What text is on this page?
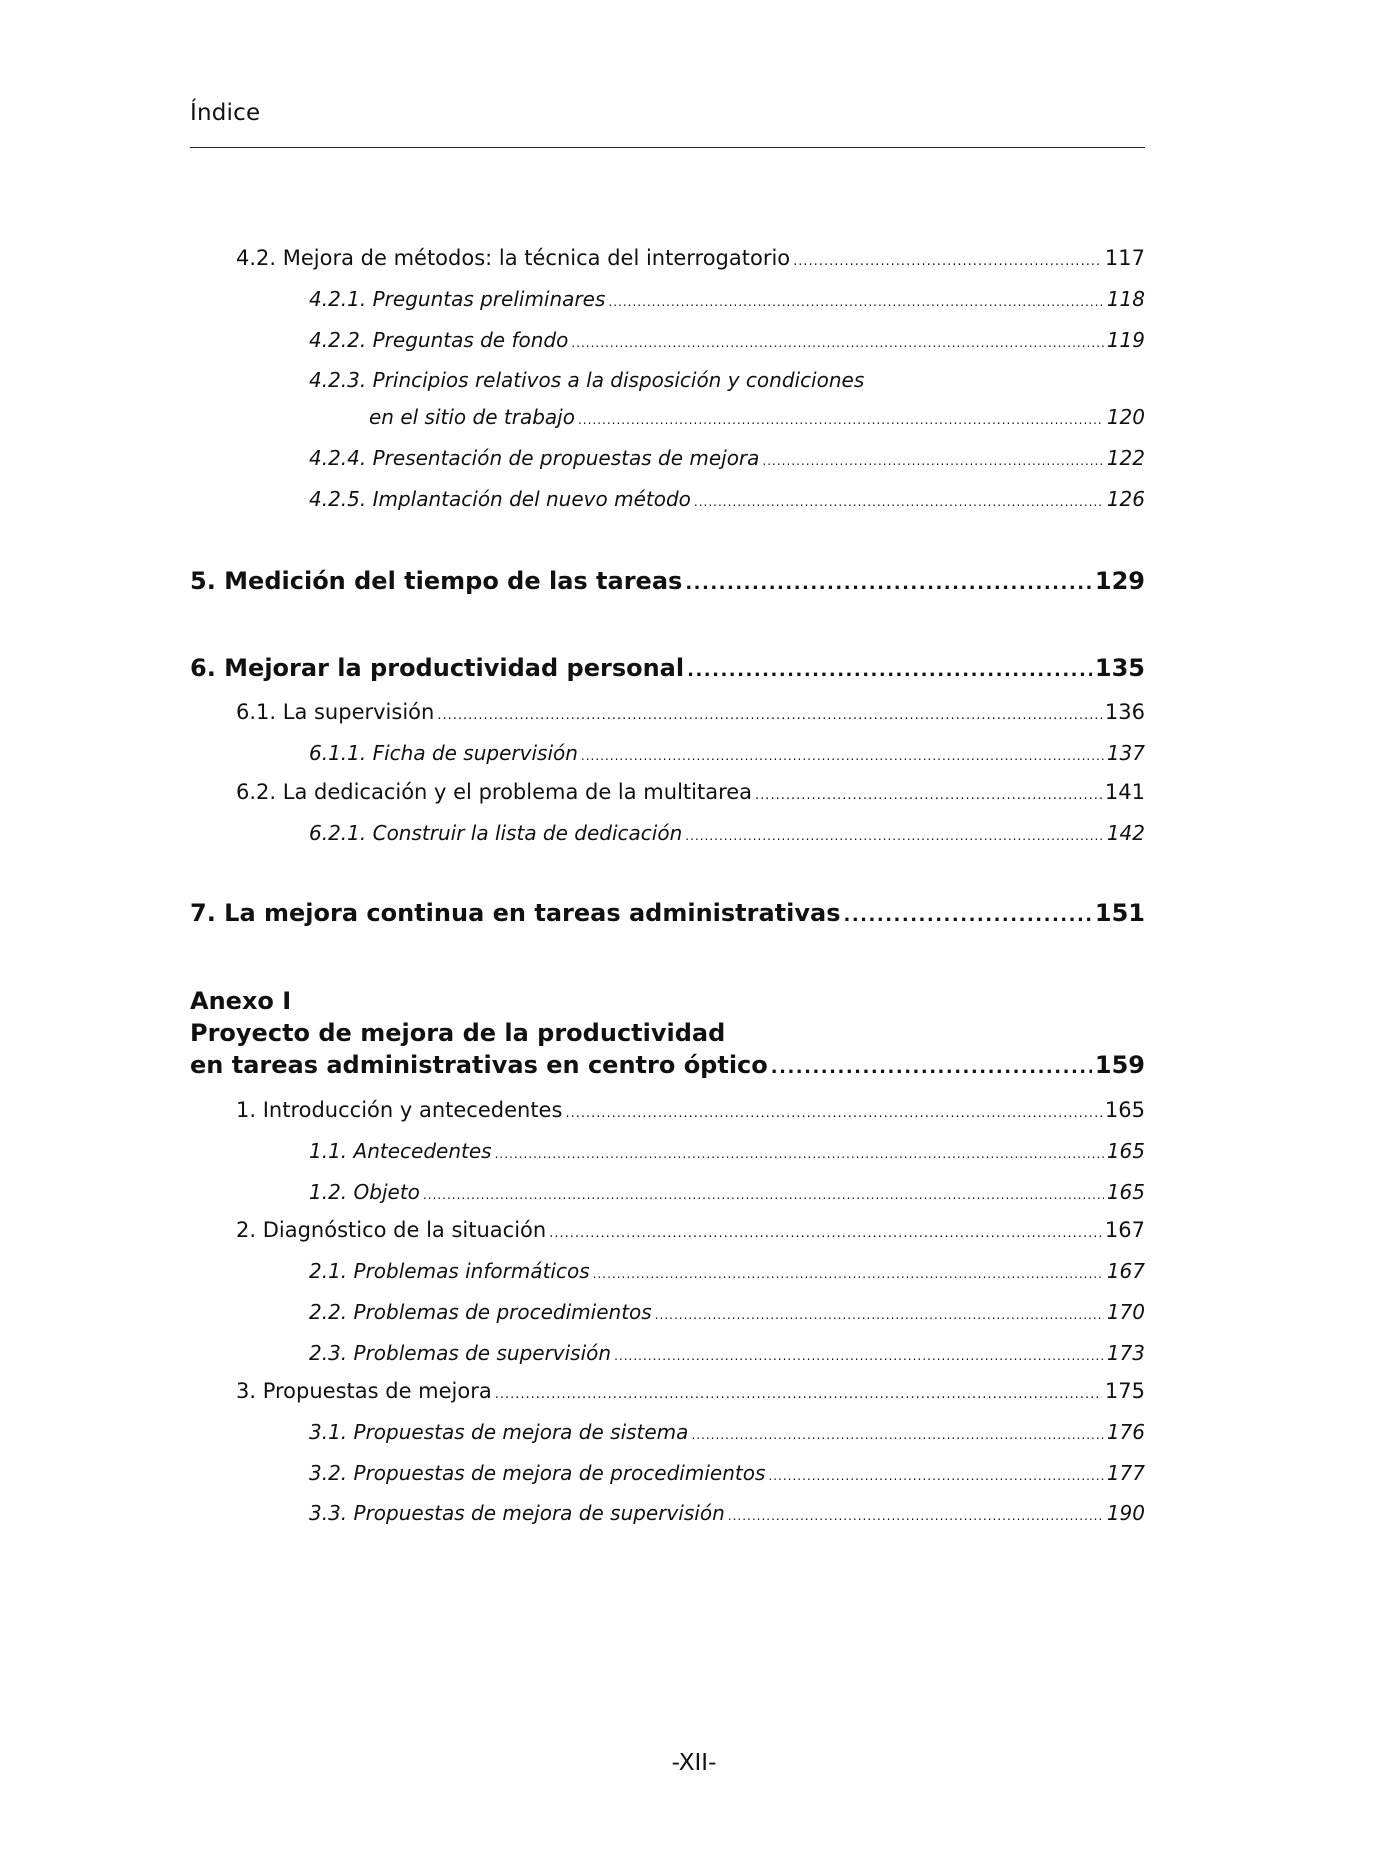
Índice
4.2. Mejora de métodos: la técnica del interrogatorio .....	117
4.2.1. Preguntas preliminares .....	118
4.2.2. Preguntas de fondo .....	119
4.2.3. Principios relativos a la disposición y condiciones
en el sitio de trabajo .....	120
4.2.4. Presentación de propuestas de mejora .....	122
4.2.5. Implantación del nuevo método .....	126
5. Medición del tiempo de las tareas .....	129
6. Mejorar la productividad personal .....	135
6.1. La supervisión .....	136
6.1.1. Ficha de supervisión .....	137
6.2. La dedicación y el problema de la multitarea .....	141
6.2.1. Construir la lista de dedicación .....	142
7. La mejora continua en tareas administrativas .....	151
Anexo I
Proyecto de mejora de la productividad
en tareas administrativas en centro óptico .....	159
1. Introducción y antecedentes .....	165
1.1. Antecedentes .....	165
1.2. Objeto .....	165
2. Diagnóstico de la situación .....	167
2.1. Problemas informáticos .....	167
2.2. Problemas de procedimientos .....	170
2.3. Problemas de supervisión .....	173
3. Propuestas de mejora .....	175
3.1. Propuestas de mejora de sistema .....	176
3.2. Propuestas de mejora de procedimientos .....	177
3.3. Propuestas de mejora de supervisión .....	190
-XII-
